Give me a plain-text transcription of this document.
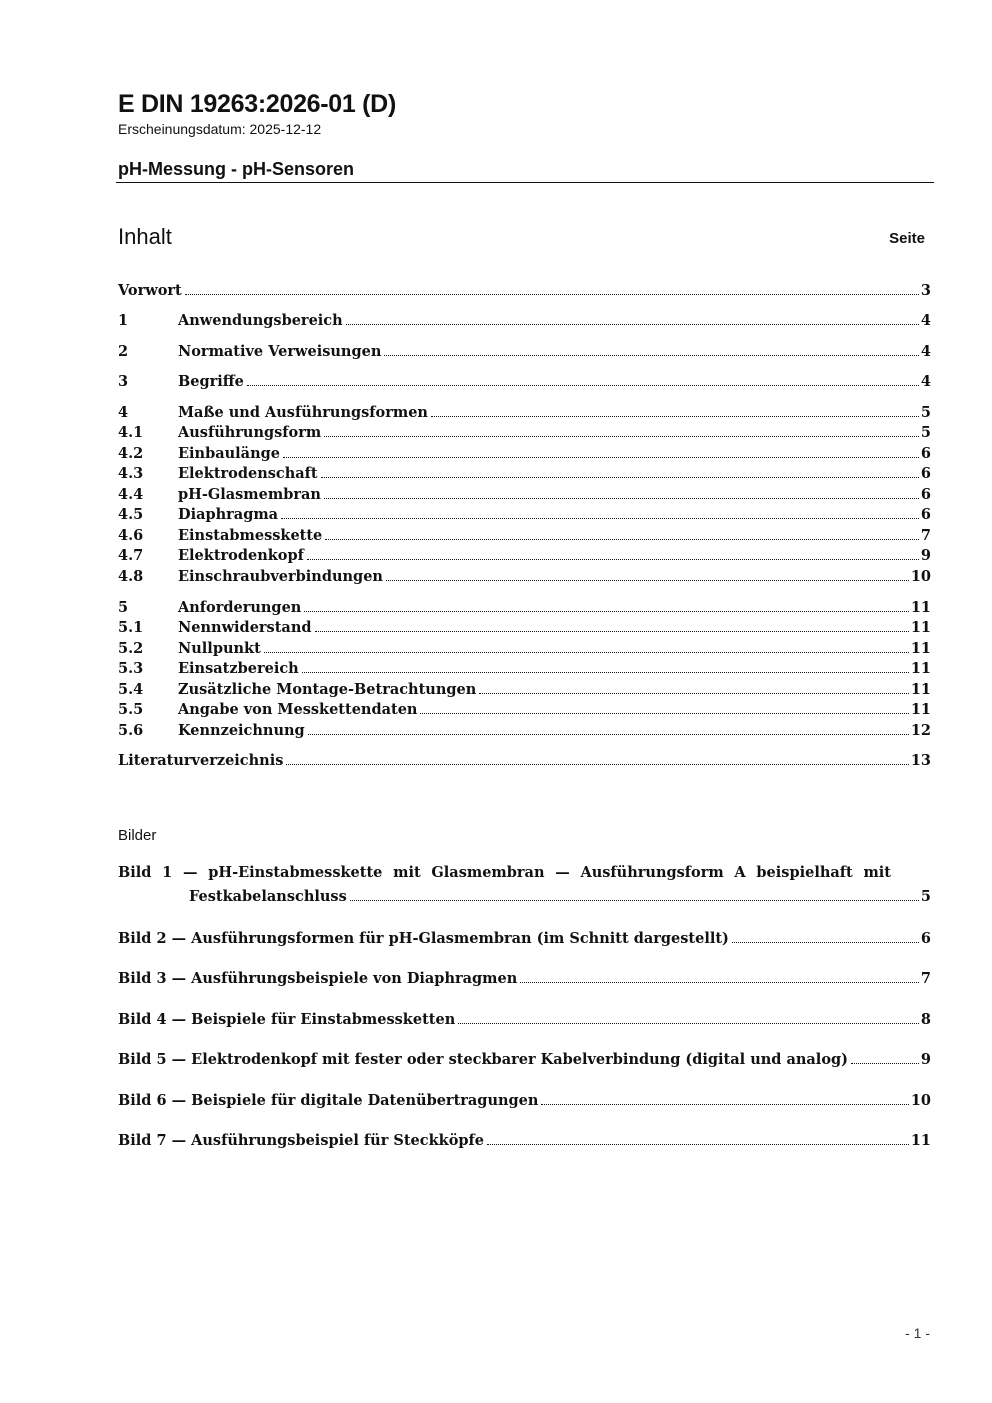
E DIN 19263:2026-01 (D)
Erscheinungsdatum: 2025-12-12
pH-Messung - pH-Sensoren
Inhalt	Seite
Vorwort	3
1	Anwendungsbereich	4
2	Normative Verweisungen	4
3	Begriffe	4
4	Maße und Ausführungsformen	5
4.1	Ausführungsform	5
4.2	Einbaulänge	6
4.3	Elektrodenschaft	6
4.4	pH-Glasmembran	6
4.5	Diaphragma	6
4.6	Einstabmesskette	7
4.7	Elektrodenkopf	9
4.8	Einschraubverbindungen	10
5	Anforderungen	11
5.1	Nennwiderstand	11
5.2	Nullpunkt	11
5.3	Einsatzbereich	11
5.4	Zusätzliche Montage-Betrachtungen	11
5.5	Angabe von Messkettendaten	11
5.6	Kennzeichnung	12
Literaturverzeichnis	13
Bilder
Bild 1 — pH-Einstabmesskette mit Glasmembran — Ausführungsform A beispielhaft mit
Festkabelanschluss	5
Bild 2 — Ausführungsformen für pH-Glasmembran (im Schnitt dargestellt)	6
Bild 3 — Ausführungsbeispiele von Diaphragmen	7
Bild 4 — Beispiele für Einstabmessketten	8
Bild 5 — Elektrodenkopf mit fester oder steckbarer Kabelverbindung (digital und analog)	9
Bild 6 — Beispiele für digitale Datenübertragungen	10
Bild 7 — Ausführungsbeispiel für Steckköpfe	11
- 1 -
